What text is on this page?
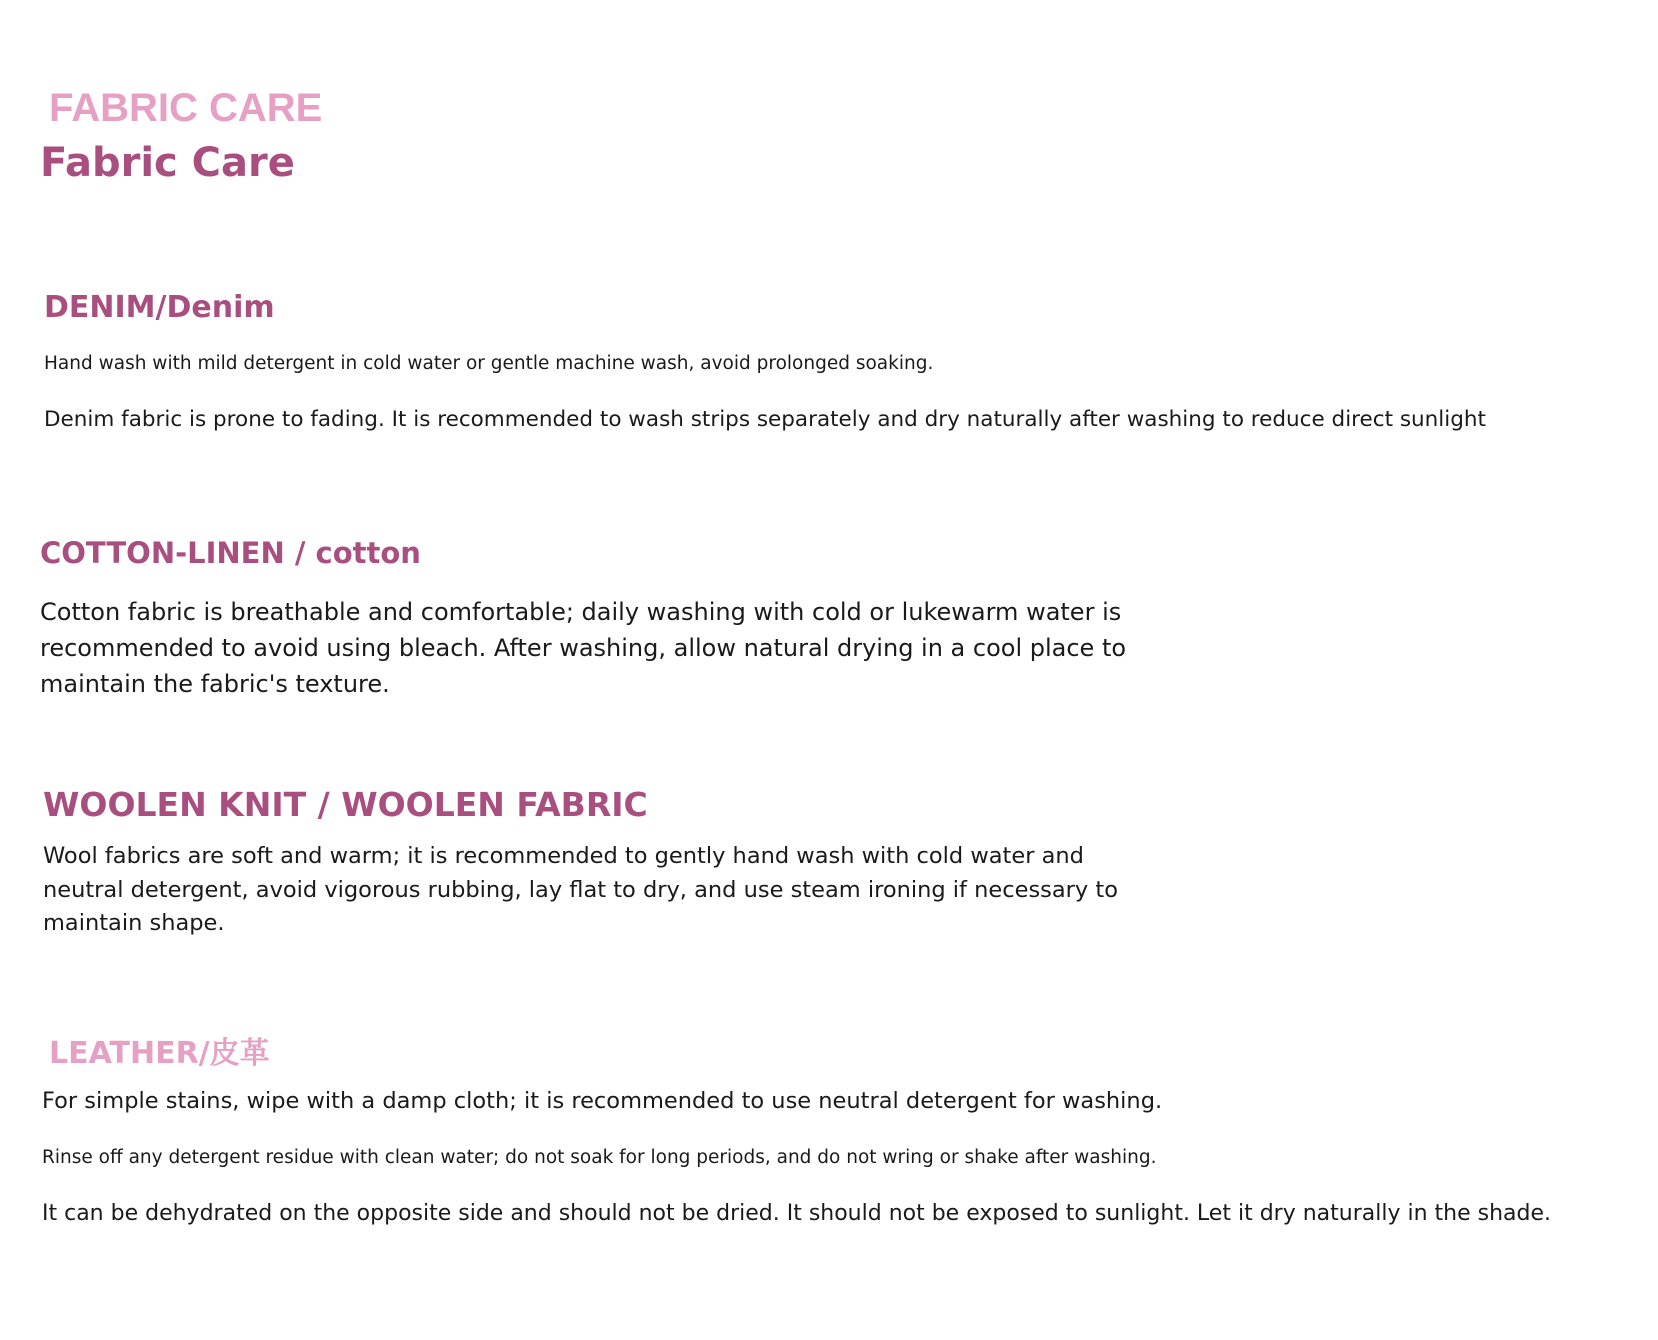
FABRIC CARE
Fabric Care
DENIM/Denim

Hand wash with mild detergent in cold water or gentle machine wash, avoid prolonged soaking.

Denim fabric is prone to fading. It is recommended to wash strips separately and dry naturally after washing to reduce direct sunlight

COTTON-LINEN / cotton

Cotton fabric is breathable and comfortable; daily washing with cold or lukewarm water is recommended to avoid using bleach. After washing, allow natural drying in a cool place to maintain the fabric's texture.

WOOLEN KNIT / WOOLEN FABRIC

Wool fabrics are soft and warm; it is recommended to gently hand wash with cold water and neutral detergent, avoid vigorous rubbing, lay flat to dry, and use steam ironing if necessary to maintain shape.

LEATHER/皮革

For simple stains, wipe with a damp cloth; it is recommended to use neutral detergent for washing.

Rinse off any detergent residue with clean water; do not soak for long periods, and do not wring or shake after washing.

It can be dehydrated on the opposite side and should not be dried. It should not be exposed to sunlight. Let it dry naturally in the shade.
